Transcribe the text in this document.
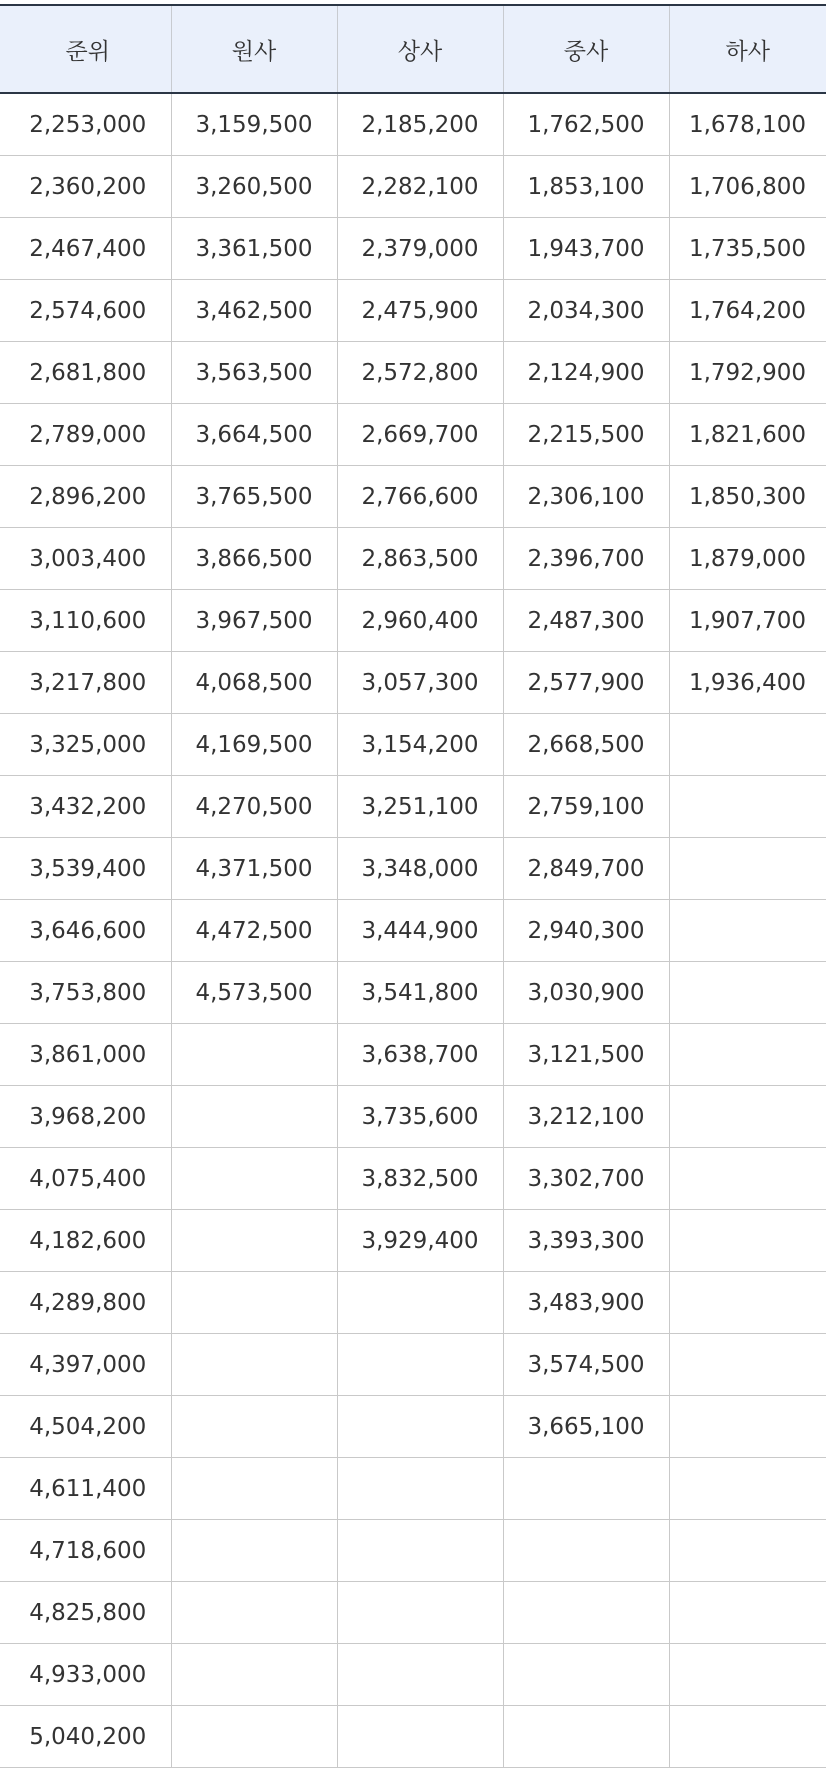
준위	원사	상사	중사	하사
2,253,000	3,159,500	2,185,200	1,762,500	1,678,100
2,360,200	3,260,500	2,282,100	1,853,100	1,706,800
2,467,400	3,361,500	2,379,000	1,943,700	1,735,500
2,574,600	3,462,500	2,475,900	2,034,300	1,764,200
2,681,800	3,563,500	2,572,800	2,124,900	1,792,900
2,789,000	3,664,500	2,669,700	2,215,500	1,821,600
2,896,200	3,765,500	2,766,600	2,306,100	1,850,300
3,003,400	3,866,500	2,863,500	2,396,700	1,879,000
3,110,600	3,967,500	2,960,400	2,487,300	1,907,700
3,217,800	4,068,500	3,057,300	2,577,900	1,936,400
3,325,000	4,169,500	3,154,200	2,668,500	
3,432,200	4,270,500	3,251,100	2,759,100	
3,539,400	4,371,500	3,348,000	2,849,700	
3,646,600	4,472,500	3,444,900	2,940,300	
3,753,800	4,573,500	3,541,800	3,030,900	
3,861,000		3,638,700	3,121,500	
3,968,200		3,735,600	3,212,100	
4,075,400		3,832,500	3,302,700	
4,182,600		3,929,400	3,393,300	
4,289,800			3,483,900	
4,397,000			3,574,500	
4,504,200			3,665,100	
4,611,400				
4,718,600				
4,825,800				
4,933,000				
5,040,200				
